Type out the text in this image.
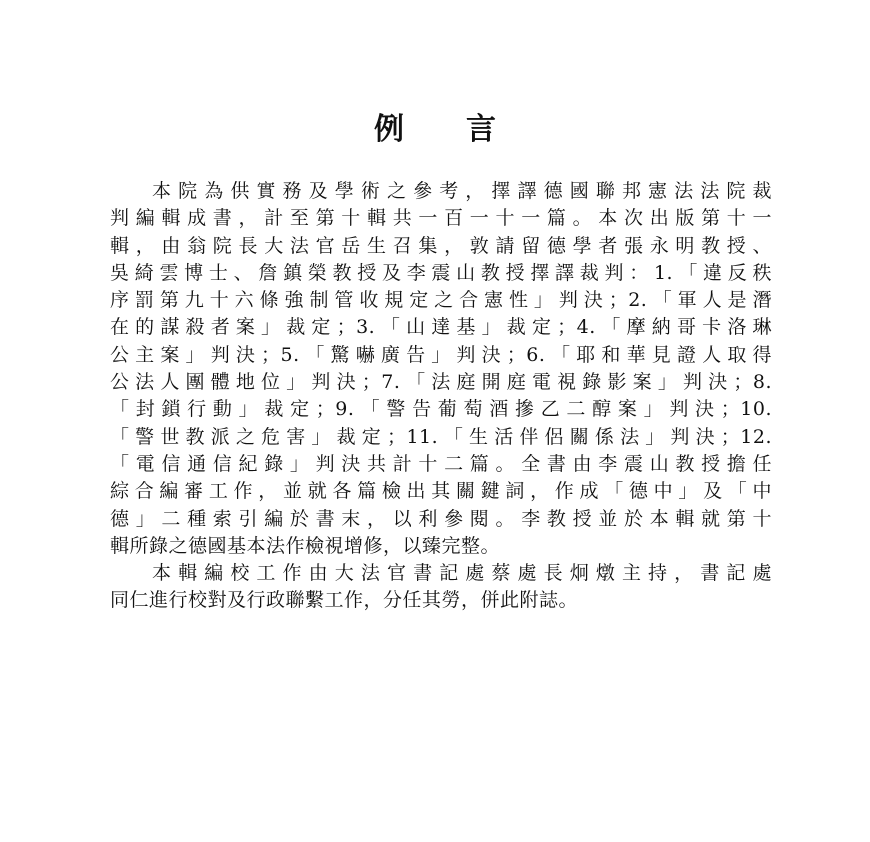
例言
本院為供實務及學術之參考，擇譯德國聯邦憲法法院裁
判編輯成書，計至第十輯共一百一十一篇。本次出版第十一
輯，由翁院長大法官岳生召集，敦請留德學者張永明教授、
吳綺雲博士、詹鎮榮教授及李震山教授擇譯裁判：1.「違反秩
序罰第九十六條強制管收規定之合憲性」判決；2.「軍人是潛
在的謀殺者案」裁定；3.「山達基」裁定；4.「摩納哥卡洛琳
公主案」判決；5.「驚嚇廣告」判決；6.「耶和華見證人取得
公法人團體地位」判決；7.「法庭開庭電視錄影案」判決；8.
「封鎖行動」裁定；9.「警告葡萄酒摻乙二醇案」判決；10.
「警世教派之危害」裁定；11.「生活伴侶關係法」判決；12.
「電信通信紀錄」判決共計十二篇。全書由李震山教授擔任
綜合編審工作，並就各篇檢出其關鍵詞，作成「德中」及「中
德」二種索引編於書末，以利參閱。李教授並於本輯就第十
輯所錄之德國基本法作檢視增修，以臻完整。
本輯編校工作由大法官書記處蔡處長炯燉主持，書記處
同仁進行校對及行政聯繫工作，分任其勞，併此附誌。
